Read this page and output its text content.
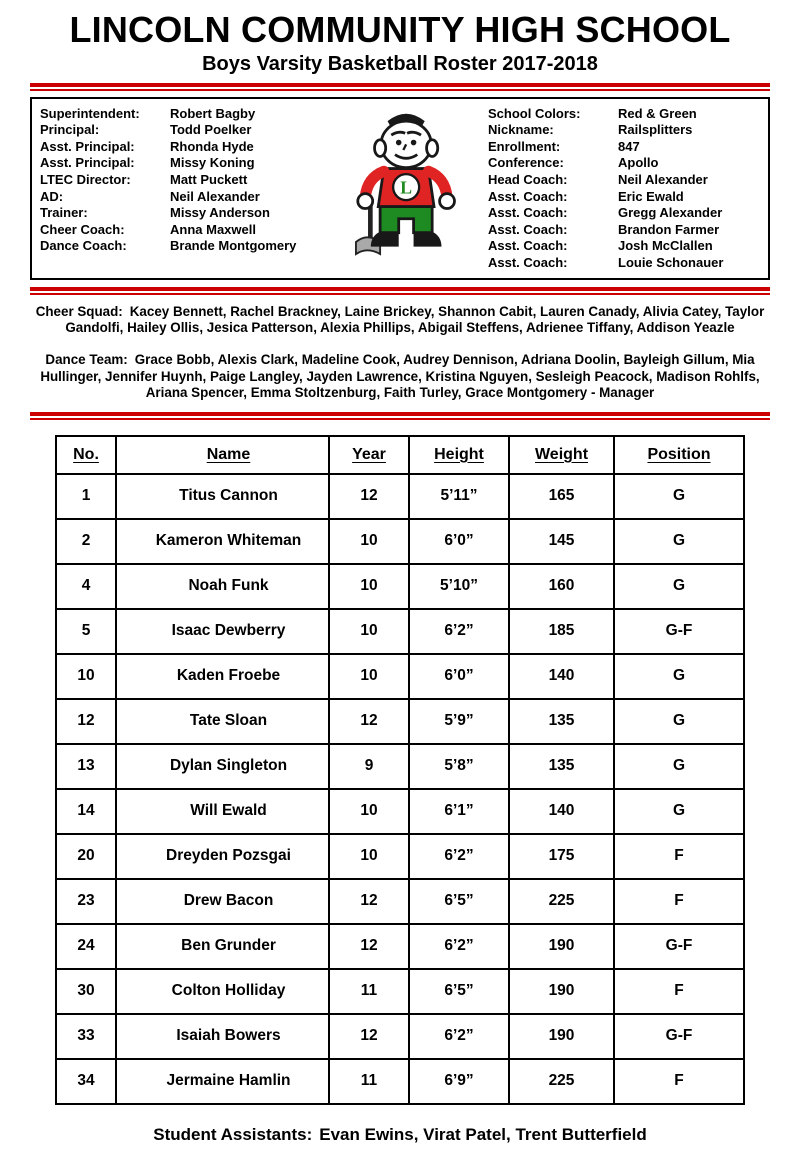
LINCOLN COMMUNITY HIGH SCHOOL
Boys Varsity Basketball Roster 2017-2018
Superintendent:	Robert Bagby
Principal:	Todd Poelker
Asst. Principal:	Rhonda Hyde
Asst. Principal:	Missy Koning
LTEC Director:	Matt Puckett
AD:	Neil Alexander
Trainer:	Missy Anderson
Cheer Coach:	Anna Maxwell
Dance Coach:	Brande Montgomery
L
School Colors:	Red & Green
Nickname:	Railsplitters
Enrollment:	847
Conference:	Apollo
Head Coach:	Neil Alexander
Asst. Coach:	Eric Ewald
Asst. Coach:	Gregg Alexander
Asst. Coach:	Brandon Farmer
Asst. Coach:	Josh McClallen
Asst. Coach:	Louie Schonauer

Cheer Squad: Kacey Bennett, Rachel Brackney, Laine Brickey, Shannon Cabit, Lauren Canady, Alivia Catey, Taylor Gandolfi, Hailey Ollis, Jesica Patterson, Alexia Phillips, Abigail Steffens, Adrienee Tiffany, Addison Yeazle

Dance Team: Grace Bobb, Alexis Clark, Madeline Cook, Audrey Dennison, Adriana Doolin, Bayleigh Gillum, Mia Hullinger, Jennifer Huynh, Paige Langley, Jayden Lawrence, Kristina Nguyen, Sesleigh Peacock, Madison Rohlfs, Ariana Spencer, Emma Stoltzenburg, Faith Turley, Grace Montgomery - Manager

No.	Name	Year	Height	Weight	Position
1	Titus Cannon	12	5’11”	165	G
2	Kameron Whiteman	10	6’0”	145	G
4	Noah Funk	10	5’10”	160	G
5	Isaac Dewberry	10	6’2”	185	G-F
10	Kaden Froebe	10	6’0”	140	G
12	Tate Sloan	12	5’9”	135	G
13	Dylan Singleton	9	5’8”	135	G
14	Will Ewald	10	6’1”	140	G
20	Dreyden Pozsgai	10	6’2”	175	F
23	Drew Bacon	12	6’5”	225	F
24	Ben Grunder	12	6’2”	190	G-F
30	Colton Holliday	11	6’5”	190	F
33	Isaiah Bowers	12	6’2”	190	G-F
34	Jermaine Hamlin	11	6’9”	225	F

Student Assistants: Evan Ewins, Virat Patel, Trent Butterfield
